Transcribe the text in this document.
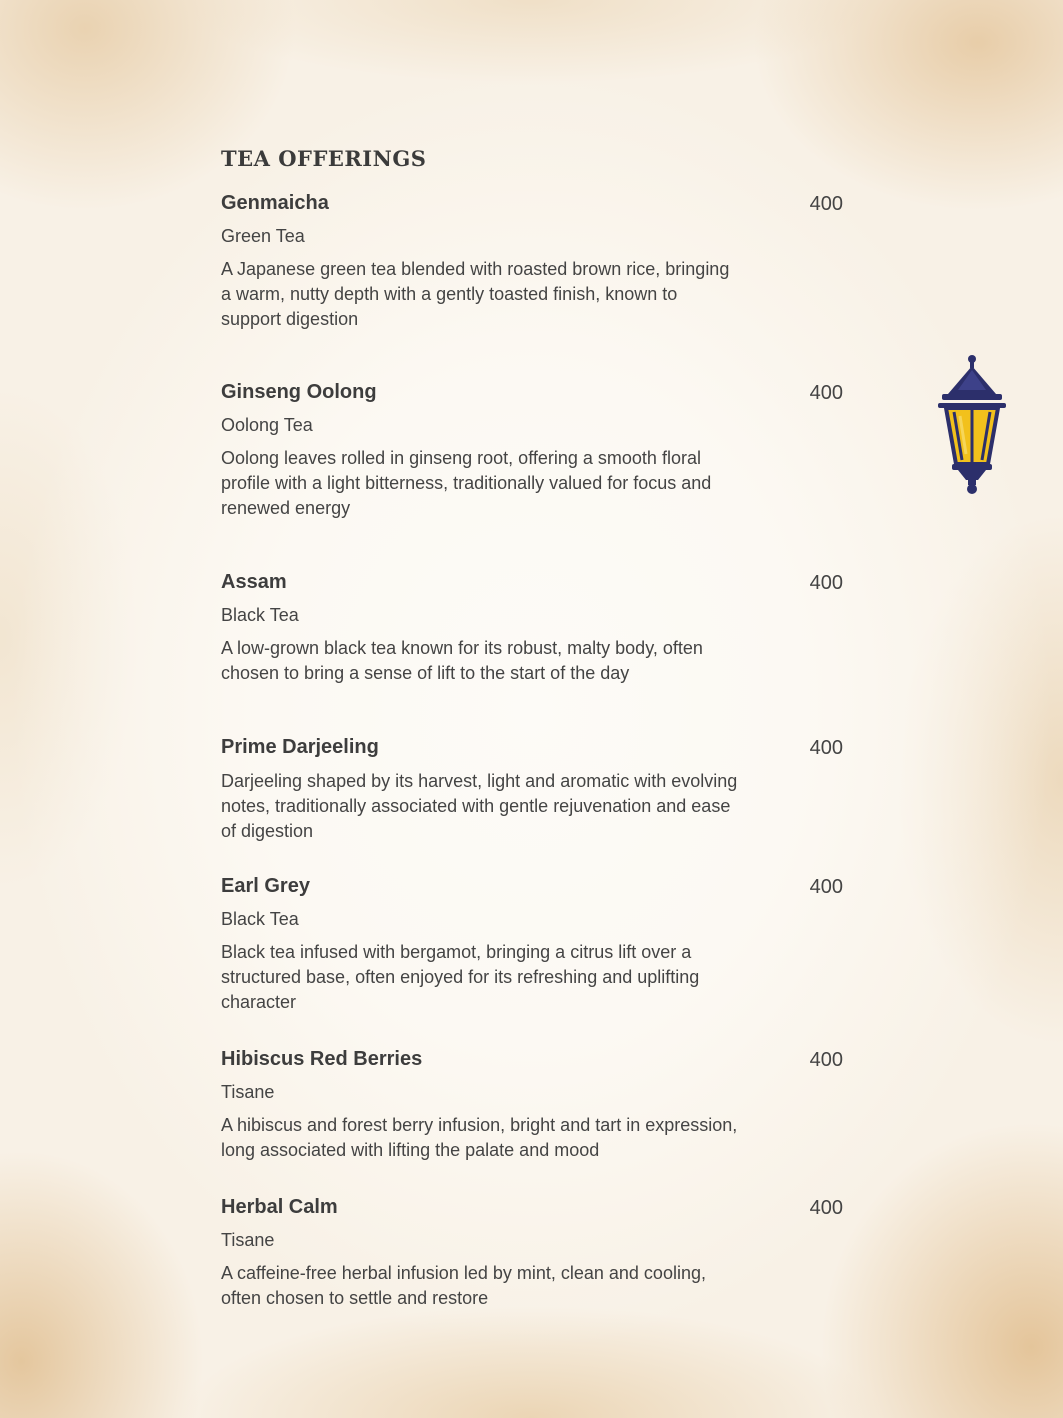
TEA OFFERINGS

Genmaicha

Green Tea
A Japanese green tea blended with roasted brown rice, bringing a warm, nutty depth with a gently toasted finish, known to support digestion
400

Ginseng Oolong

Oolong Tea
Oolong leaves rolled in ginseng root, offering a smooth floral profile with a light bitterness, traditionally valued for focus and renewed energy
400

Assam

Black Tea
A low-grown black tea known for its robust, malty body, often chosen to bring a sense of lift to the start of the day
400

Prime Darjeeling

Darjeeling shaped by its harvest, light and aromatic with evolving notes, traditionally associated with gentle rejuvenation and ease of digestion
400

Earl Grey

Black Tea
Black tea infused with bergamot, bringing a citrus lift over a structured base, often enjoyed for its refreshing and uplifting character
400

Hibiscus Red Berries

Tisane
A hibiscus and forest berry infusion, bright and tart in expression, long associated with lifting the palate and mood
400

Herbal Calm

Tisane
A caffeine-free herbal infusion led by mint, clean and cooling, often chosen to settle and restore
400
